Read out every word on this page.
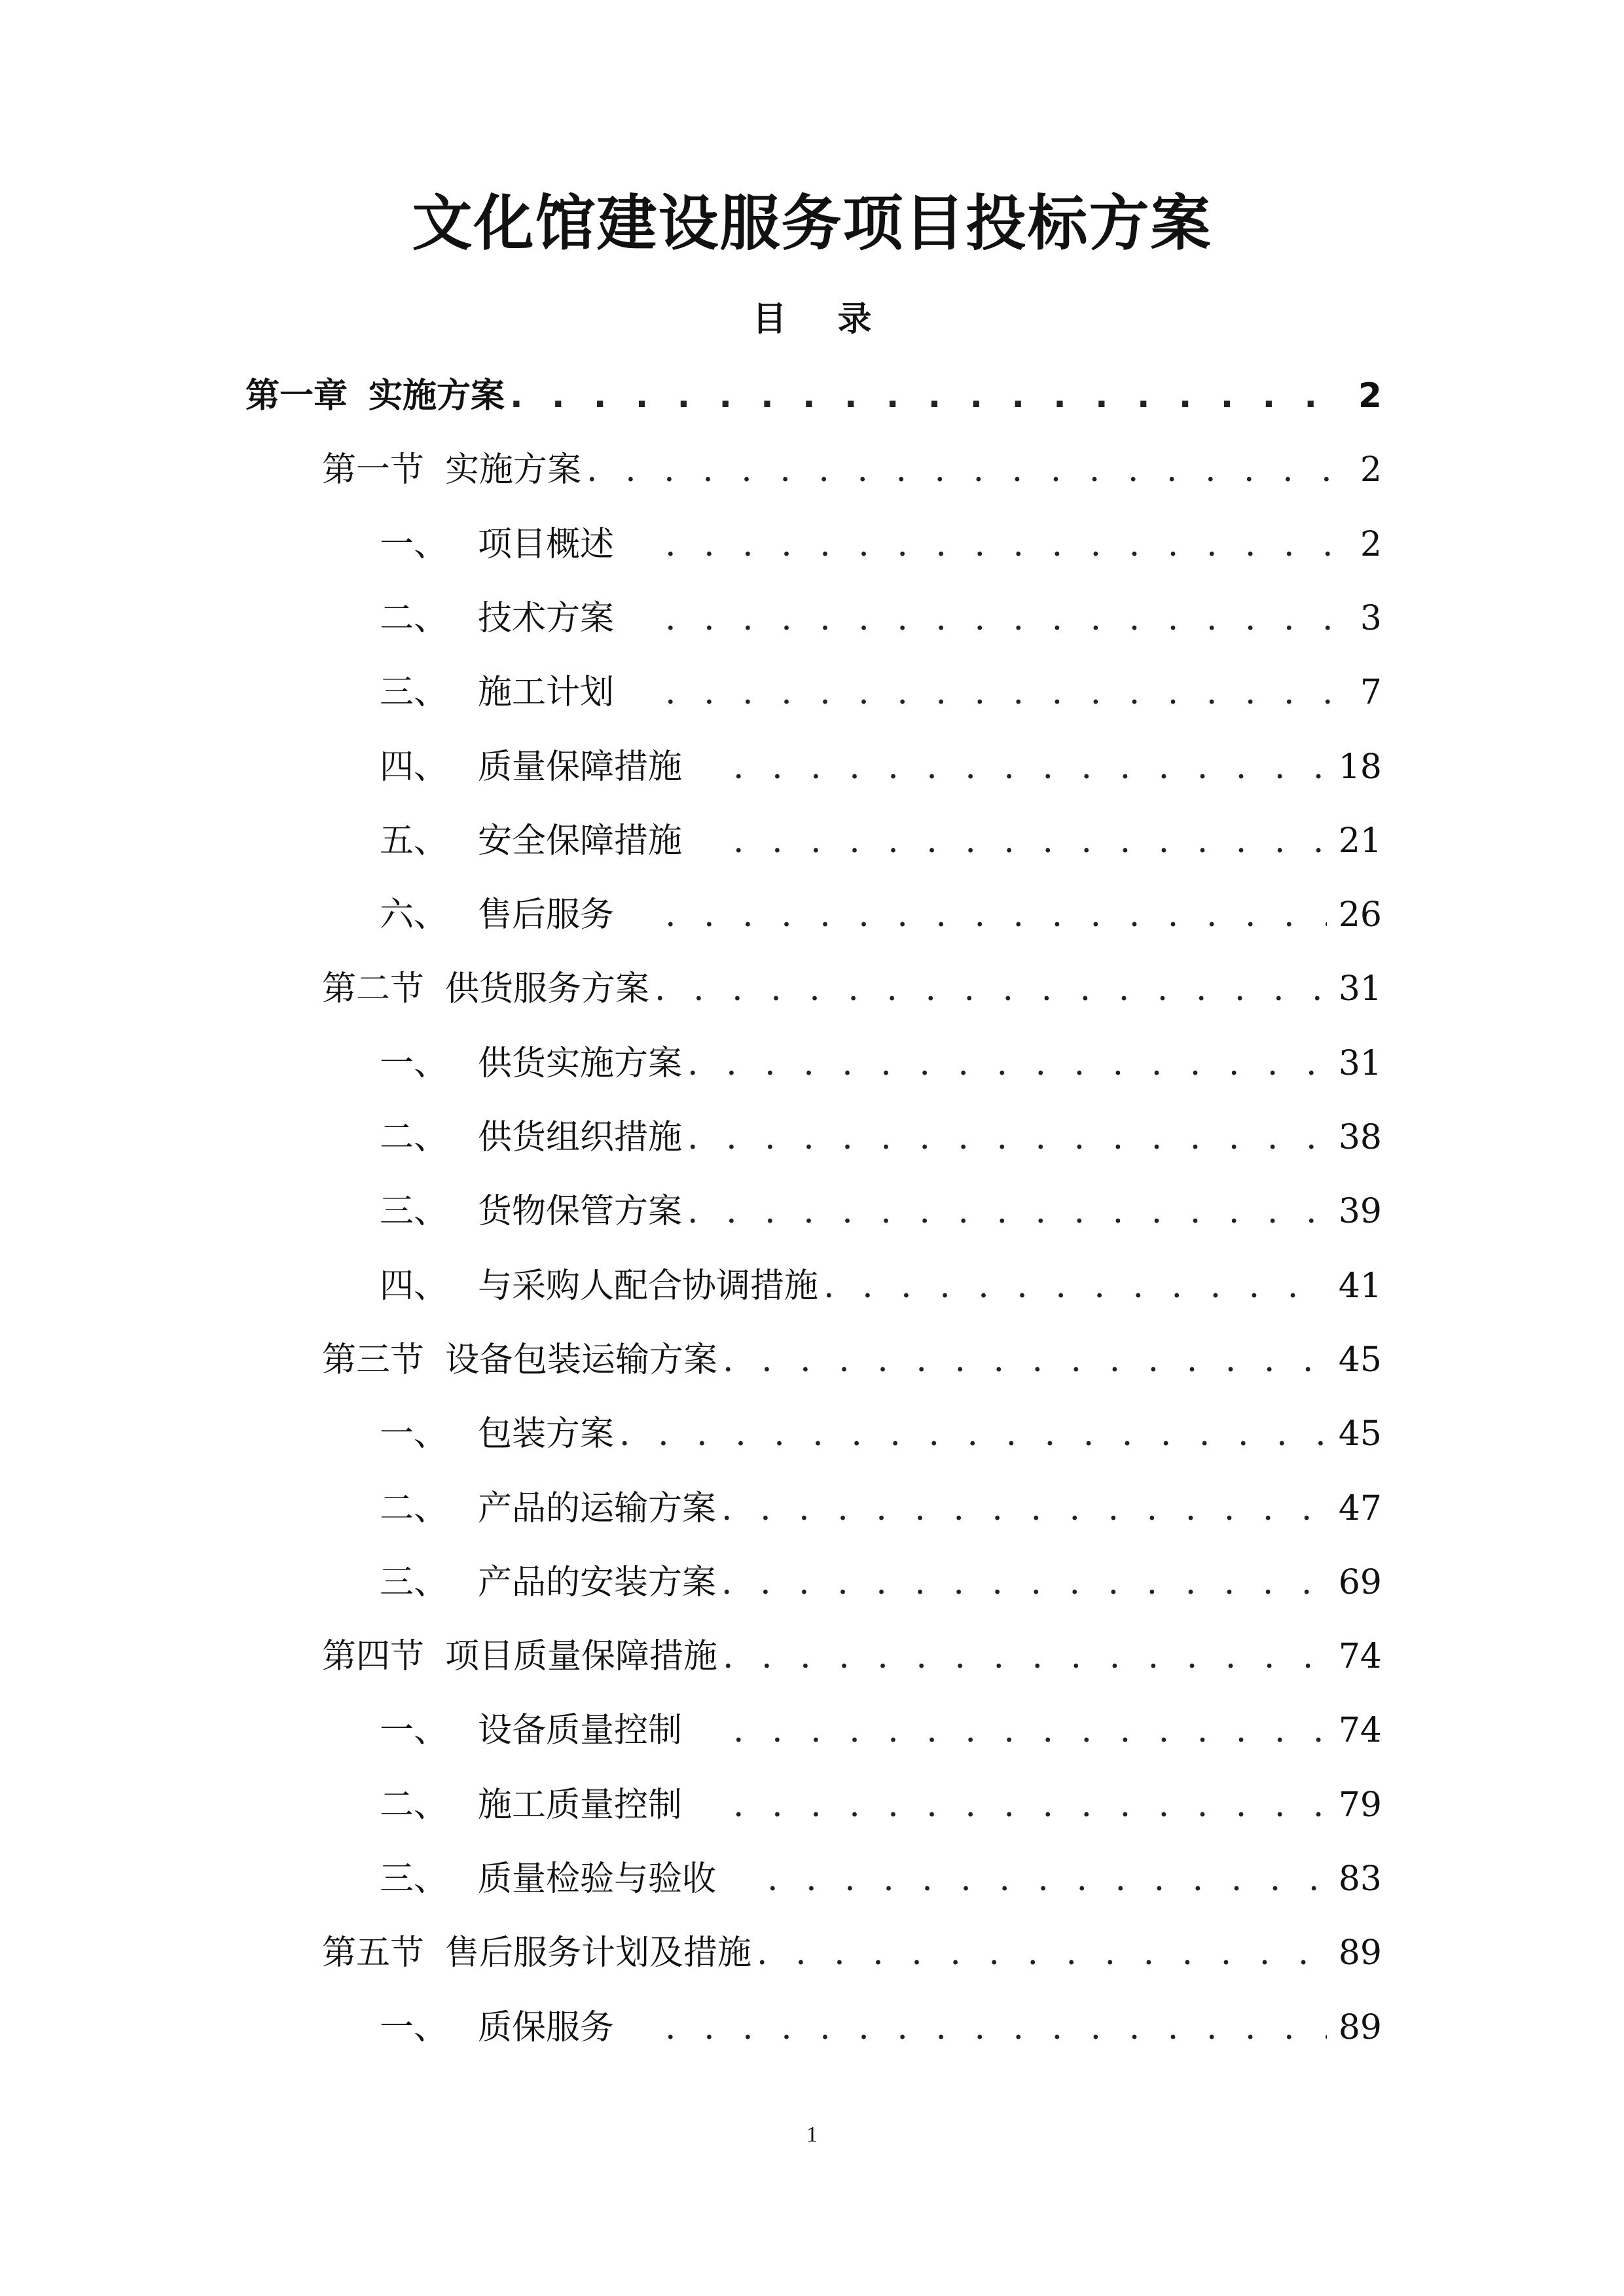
文化馆建设服务项目投标方案
目 录
第一章 实施方案 . . .	2
第一节 实施方案 . . .	2
一、 项目概述 . . .	2
二、 技术方案 . . .	3
三、 施工计划 . . .	7
四、 质量保障措施 . . .	18
五、 安全保障措施 . . .	21
六、 售后服务 . . .	26
第二节 供货服务方案 . . .	31
一、 供货实施方案 . . .	31
二、 供货组织措施 . . .	38
三、 货物保管方案 . . .	39
四、 与采购人配合协调措施 . . .	41
第三节 设备包装运输方案 . . .	45
一、 包装方案 . . .	45
二、 产品的运输方案 . . .	47
三、 产品的安装方案 . . .	69
第四节 项目质量保障措施 . . .	74
一、 设备质量控制 . . .	74
二、 施工质量控制 . . .	79
三、 质量检验与验收 . . .	83
第五节 售后服务计划及措施 . . .	89
一、 质保服务 . . .	89
1
